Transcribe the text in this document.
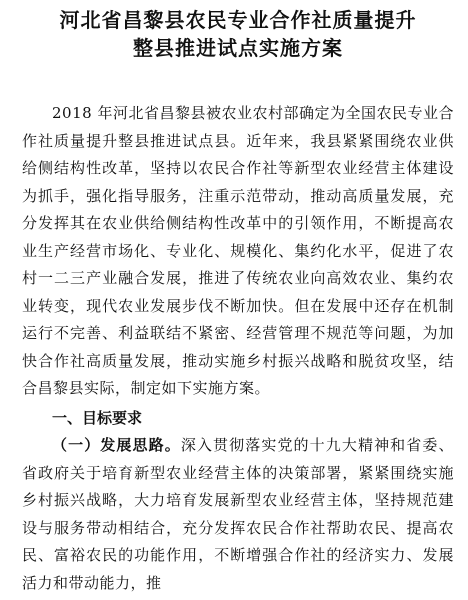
河北省昌黎县农民专业合作社质量提升
整县推进试点实施方案

2018 年河北省昌黎县被农业农村部确定为全国农民专业合作社质量提升整县推进试点县。近年来，我县紧紧围绕农业供给侧结构性改革，坚持以农民合作社等新型农业经营主体建设为抓手，强化指导服务，注重示范带动，推动高质量发展，充分发挥其在农业供给侧结构性改革中的引领作用，不断提高农业生产经营市场化、专业化、规模化、集约化水平，促进了农村一二三产业融合发展，推进了传统农业向高效农业、集约农业转变，现代农业发展步伐不断加快。但在发展中还存在机制运行不完善、利益联结不紧密、经营管理不规范等问题，为加快合作社高质量发展，推动实施乡村振兴战略和脱贫攻坚，结合昌黎县实际，制定如下实施方案。

一、目标要求

（一）发展思路。深入贯彻落实党的十九大精神和省委、省政府关于培育新型农业经营主体的决策部署，紧紧围绕实施乡村振兴战略，大力培育发展新型农业经营主体，坚持规范建设与服务带动相结合，充分发挥农民合作社帮助农民、提高农民、富裕农民的功能作用，不断增强合作社的经济实力、发展活力和带动能力，推
